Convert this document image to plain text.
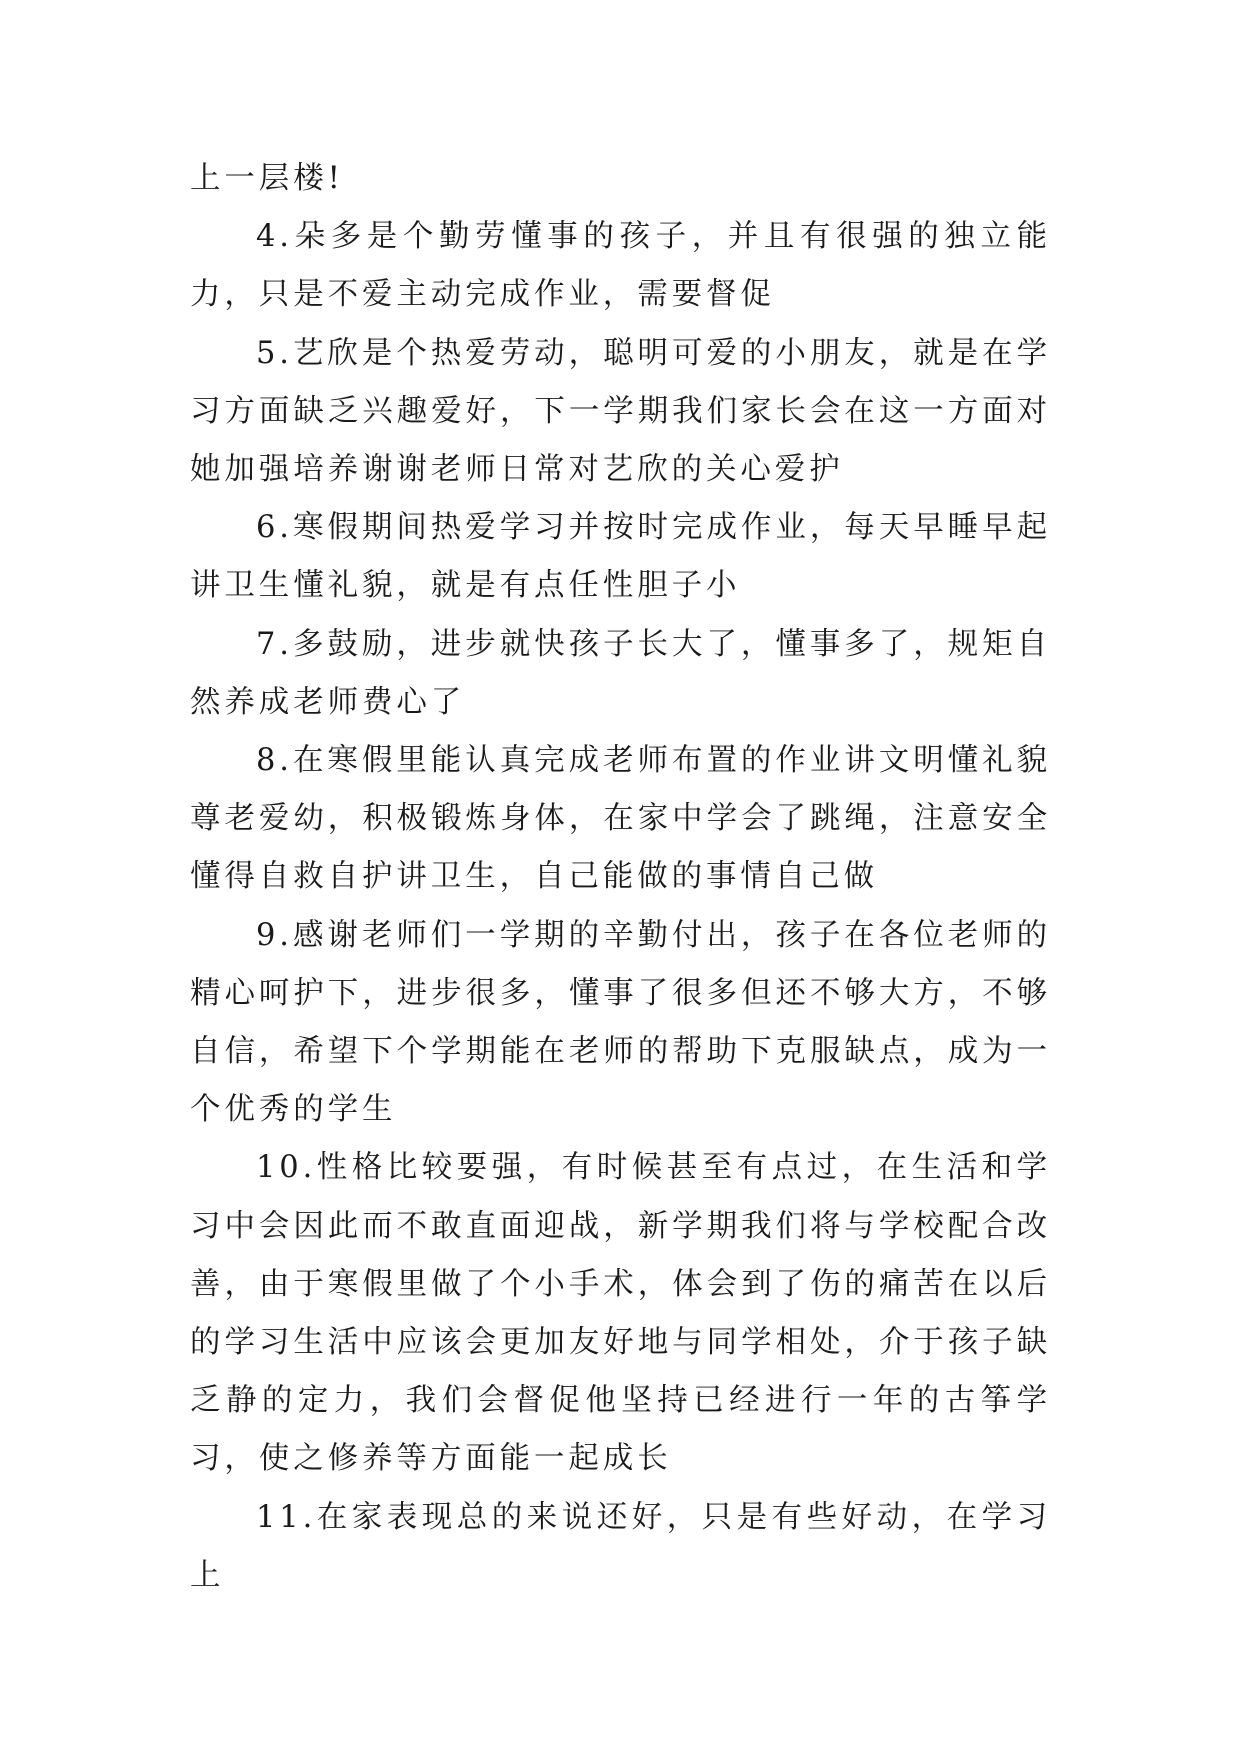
上一层楼!

4.朵多是个勤劳懂事的孩子，并且有很强的独立能力，只是不爱主动完成作业，需要督促

5.艺欣是个热爱劳动，聪明可爱的小朋友，就是在学习方面缺乏兴趣爱好，下一学期我们家长会在这一方面对她加强培养谢谢老师日常对艺欣的关心爱护

6.寒假期间热爱学习并按时完成作业，每天早睡早起讲卫生懂礼貌，就是有点任性胆子小

7.多鼓励，进步就快孩子长大了，懂事多了，规矩自然养成老师费心了

8.在寒假里能认真完成老师布置的作业讲文明懂礼貌尊老爱幼，积极锻炼身体，在家中学会了跳绳，注意安全懂得自救自护讲卫生，自己能做的事情自己做

9.感谢老师们一学期的辛勤付出，孩子在各位老师的精心呵护下，进步很多，懂事了很多但还不够大方，不够自信，希望下个学期能在老师的帮助下克服缺点，成为一个优秀的学生

10.性格比较要强，有时候甚至有点过，在生活和学习中会因此而不敢直面迎战，新学期我们将与学校配合改善，由于寒假里做了个小手术，体会到了伤的痛苦在以后的学习生活中应该会更加友好地与同学相处，介于孩子缺乏静的定力，我们会督促他坚持已经进行一年的古筝学习，使之修养等方面能一起成长

11.在家表现总的来说还好，只是有些好动，在学习上
